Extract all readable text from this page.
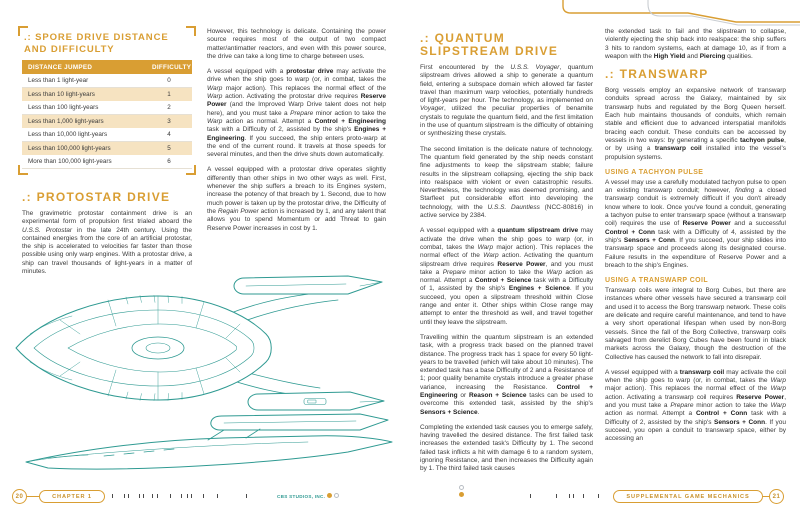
.: SPORE DRIVE DISTANCE AND DIFFICULTY
DISTANCE JUMPED	DIFFICULTY
Less than 1 light-year	0
Less than 10 light-years	1
Less than 100 light-years	2
Less than 1,000 light-years	3
Less than 10,000 light-years	4
Less than 100,000 light-years	5
More than 100,000 light-years	6
.: PROTOSTAR DRIVE

The gravimetric protostar containment drive is an experimental form of propulsion first trialed aboard the U.S.S. Protostar in the late 24th century. Using the contained energies from the core of an artificial protostar, the ship is accelerated to velocities far faster than those possible using only warp engines. With a protostar drive, a ship can travel thousands of light-years in a matter of minutes.

However, this technology is delicate. Containing the power source requires most of the output of two compact matter/antimatter reactors, and even with this power source, the drive can take a long time to charge between uses.

A vessel equipped with a protostar drive may activate the drive when the ship goes to warp (or, in combat, takes the Warp major action). This replaces the normal effect of the Warp action. Activating the protostar drive requires Reserve Power (and the Improved Warp Drive talent does not help here), and you must take a Prepare minor action to take the Warp action as normal. Attempt a Control + Engineering task with a Difficulty of 2, assisted by the ship's Engines + Engineering. If you succeed, the ship enters proto-warp at the end of the current round. It travels at those speeds for several minutes, and then the drive shuts down automatically.

A vessel equipped with a protostar drive operates slightly differently than other ships in two other ways as well. First, whenever the ship suffers a breach to its Engines system, increase the potency of that breach by 1. Second, due to how much power is taken up by the protostar drive, the Difficulty of the Regain Power action is increased by 1, and any talent that allows you to spend Momentum or add Threat to gain Reserve Power increases in cost by 1.

.: QUANTUM SLIPSTREAM DRIVE

First encountered by the U.S.S. Voyager, quantum slipstream drives allowed a ship to generate a quantum field, entering a subspace domain which allowed far faster travel than maximum warp velocities, potentially hundreds of light-years per hour. The technology, as implemented on Voyager, utilized the peculiar properties of benamite crystals to regulate the quantum field, and the first limitation in the use of quantum slipstream is the difficulty of obtaining or synthesizing these crystals.

The second limitation is the delicate nature of technology. The quantum field generated by the ship needs constant fine adjustments to keep the slipstream stable; failure results in the slipstream collapsing, ejecting the ship back into realspace with violent or even catastrophic results. Nevertheless, the technology was deemed promising, and Starfleet put considerable effort into developing the technology, with the U.S.S. Dauntless (NCC-80816) in active service by 2384.

A vessel equipped with a quantum slipstream drive may activate the drive when the ship goes to warp (or, in combat, takes the Warp major action). This replaces the normal effect of the Warp action. Activating the quantum slipstream drive requires Reserve Power, and you must take a Prepare minor action to take the Warp action as normal. Attempt a Control + Science task with a Difficulty of 1, assisted by the ship's Engines + Science. If you succeed, you open a slipstream threshold within Close range and enter it. Other ships within Close range may attempt to enter the threshold as well, and travel together until they leave the slipstream.

Travelling within the quantum slipstream is an extended task, with a progress track based on the planned travel distance. The progress track has 1 space for every 50 light-years to be travelled (which will take about 10 minutes). The extended task has a base Difficulty of 2 and a Resistance of 1; poor quality benamite crystals introduce a greater phase variance, increasing the Resistance. Control + Engineering or Reason + Science tasks can be used to overcome this extended task, assisted by the ship's Sensors + Science.

Completing the extended task causes you to emerge safely, having travelled the desired distance. The first failed task increases the extended task's Difficulty by 1. The second failed task inflicts a hit with damage 6 to a random system, ignoring Resistance, and then increases the Difficulty again by 1. The third failed task causes

the extended task to fail and the slipstream to collapse, violently ejecting the ship back into realspace: the ship suffers 3 hits to random systems, each at damage 10, as if from a weapon with the High Yield and Piercing qualities.

.: TRANSWARP

Borg vessels employ an expansive network of transwarp conduits spread across the Galaxy, maintained by six transwarp hubs and regulated by the Borg Queen herself. Each hub maintains thousands of conduits, which remain stable and efficient due to advanced interspatial manifolds bracing each conduit. These conduits can be accessed by vessels in two ways: by generating a specific tachyon pulse, or by using a transwarp coil installed into the vessel's propulsion systems.

USING A TACHYON PULSE

A vessel may use a carefully modulated tachyon pulse to open an existing transwarp conduit; however, finding a closed transwarp conduit is extremely difficult if you don't already know where to look. Once you've found a conduit, generating a tachyon pulse to enter transwarp space (without a transwarp coil) requires the use of Reserve Power and a successful Control + Conn task with a Difficulty of 4, assisted by the ship's Sensors + Conn. If you succeed, your ship slides into transwarp space and proceeds along its designated course. Failure results in the expenditure of Reserve Power and a breach to the ship's Engines.

USING A TRANSWARP COIL

Transwarp coils were integral to Borg Cubes, but there are instances where other vessels have secured a transwarp coil and used it to access the Borg transwarp network. These coils are delicate and require careful maintenance, and tend to have a very short operational lifespan when used by non-Borg vessels. Since the fall of the Borg Collective, transwarp coils salvaged from derelict Borg Cubes have been found in black markets across the Galaxy, though the destruction of the Collective has caused the network to fall into disrepair.

A vessel equipped with a transwarp coil may activate the coil when the ship goes to warp (or, in combat, takes the Warp major action). This replaces the normal effect of the Warp action. Activating a transwarp coil requires Reserve Power, and you must take a Prepare minor action to take the Warp action as normal. Attempt a Control + Conn task with a Difficulty of 2, assisted by the ship's Sensors + Conn. If you succeed, you open a conduit to transwarp space, either by accessing an

20	CHAPTER 1	CBS STUDIOS, INC.	SUPPLEMENTAL GAME MECHANICS	21
